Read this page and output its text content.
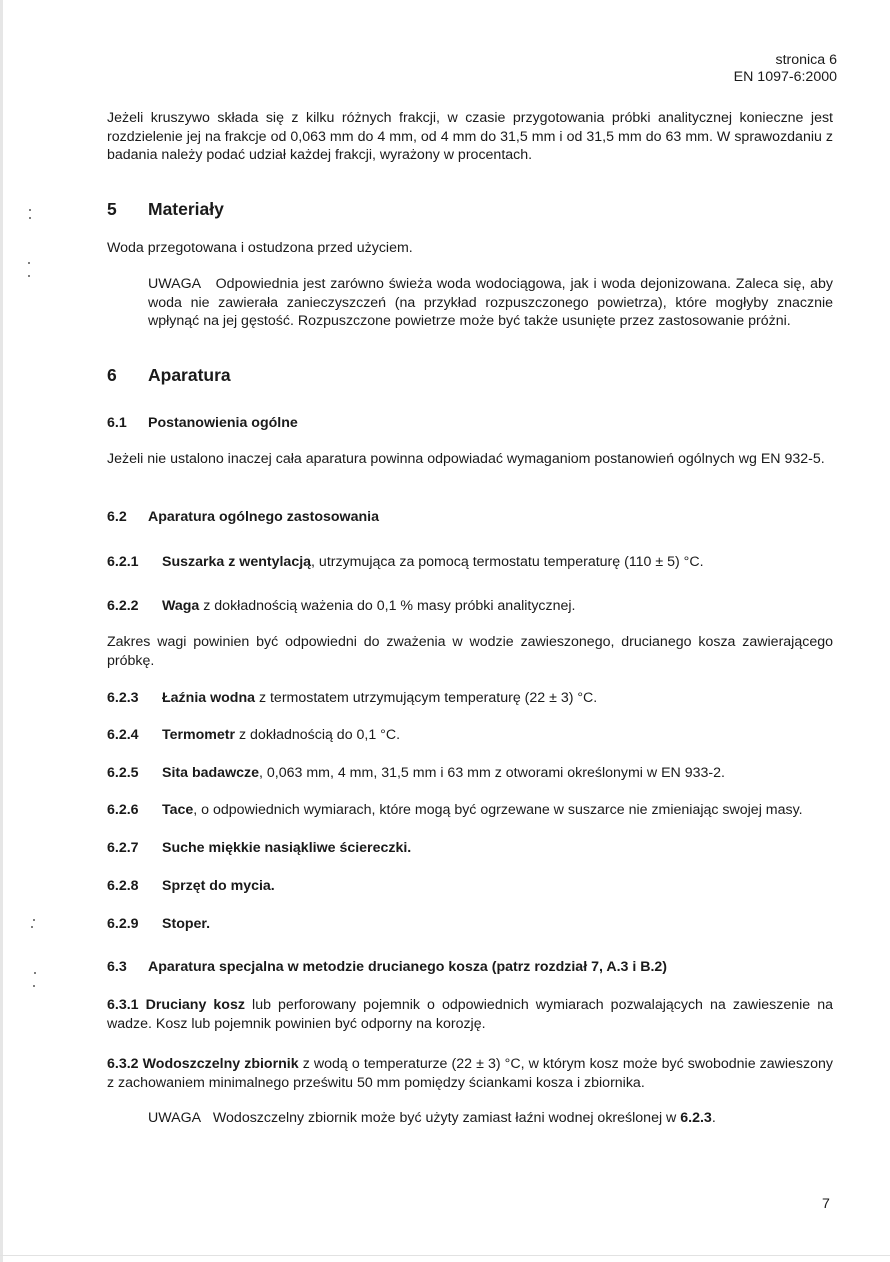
stronica 6
EN 1097-6:2000
Jeżeli kruszywo składa się z kilku różnych frakcji, w czasie przygotowania próbki analitycznej konieczne jest rozdzielenie jej na frakcje od 0,063 mm do 4 mm, od 4 mm do 31,5 mm i od 31,5 mm do 63 mm. W sprawozdaniu z badania należy podać udział każdej frakcji, wyrażony w procentach.
5 Materiały
Woda przegotowana i ostudzona przed użyciem.
UWAGA Odpowiednia jest zarówno świeża woda wodociągowa, jak i woda dejonizowana. Zaleca się, aby woda nie zawierała zanieczyszczeń (na przykład rozpuszczonego powietrza), które mogłyby znacznie wpłynąć na jej gęstość. Rozpuszczone powietrze może być także usunięte przez zastosowanie próżni.
6 Aparatura
6.1 Postanowienia ogólne
Jeżeli nie ustalono inaczej cała aparatura powinna odpowiadać wymaganiom postanowień ogólnych wg EN 932-5.
6.2 Aparatura ogólnego zastosowania
6.2.1 Suszarka z wentylacją, utrzymująca za pomocą termostatu temperaturę (110 ± 5) °C.
6.2.2 Waga z dokładnością ważenia do 0,1 % masy próbki analitycznej.
Zakres wagi powinien być odpowiedni do zważenia w wodzie zawieszonego, drucianego kosza zawierającego próbkę.
6.2.3 Łaźnia wodna z termostatem utrzymującym temperaturę (22 ± 3) °C.
6.2.4 Termometr z dokładnością do 0,1 °C.
6.2.5 Sita badawcze, 0,063 mm, 4 mm, 31,5 mm i 63 mm z otworami określonymi w EN 933-2.
6.2.6 Tace, o odpowiednich wymiarach, które mogą być ogrzewane w suszarce nie zmieniając swojej masy.
6.2.7 Suche miękkie nasiąkliwe ściereczki.
6.2.8 Sprzęt do mycia.
6.2.9 Stoper.
6.3 Aparatura specjalna w metodzie drucianego kosza (patrz rozdział 7, A.3 i B.2)
6.3.1 Druciany kosz lub perforowany pojemnik o odpowiednich wymiarach pozwalających na zawieszenie na wadze. Kosz lub pojemnik powinien być odporny na korozję.
6.3.2 Wodoszczelny zbiornik z wodą o temperaturze (22 ± 3) °C, w którym kosz może być swobodnie zawieszony z zachowaniem minimalnego prześwitu 50 mm pomiędzy ściankami kosza i zbiornika.
UWAGA Wodoszczelny zbiornik może być użyty zamiast łaźni wodnej określonej w 6.2.3.
7
